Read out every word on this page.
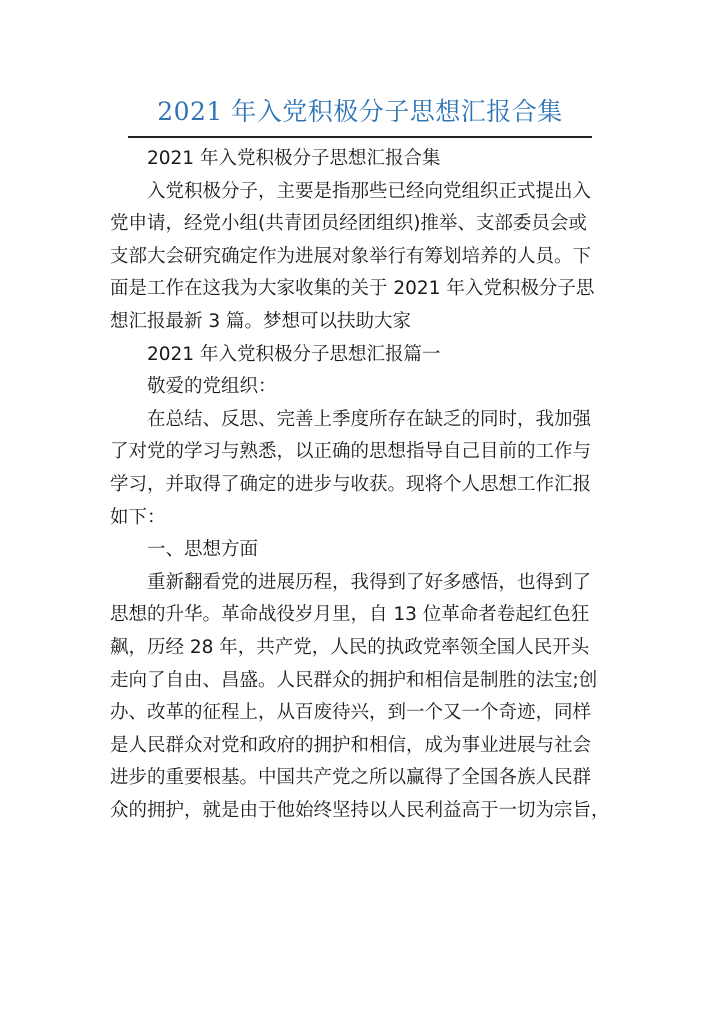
2021 年入党积极分子思想汇报合集
2021 年入党积极分子思想汇报合集
入党积极分子，主要是指那些已经向党组织正式提出入
党申请，经党小组(共青团员经团组织)推举、支部委员会或
支部大会研究确定作为进展对象举行有筹划培养的人员。下
面是工作在这我为大家收集的关于 2021 年入党积极分子思
想汇报最新 3 篇。梦想可以扶助大家
2021 年入党积极分子思想汇报篇一
敬爱的党组织：
在总结、反思、完善上季度所存在缺乏的同时，我加强
了对党的学习与熟悉，以正确的思想指导自己目前的工作与
学习，并取得了确定的进步与收获。现将个人思想工作汇报
如下：
一、思想方面
重新翻看党的进展历程，我得到了好多感悟，也得到了
思想的升华。革命战役岁月里，自 13 位革命者卷起红色狂
飙，历经 28 年，共产党，人民的执政党率领全国人民开头
走向了自由、昌盛。人民群众的拥护和相信是制胜的法宝;创
办、改革的征程上，从百废待兴，到一个又一个奇迹，同样
是人民群众对党和政府的拥护和相信，成为事业进展与社会
进步的重要根基。中国共产党之所以赢得了全国各族人民群
众的拥护，就是由于他始终坚持以人民利益高于一切为宗旨，
